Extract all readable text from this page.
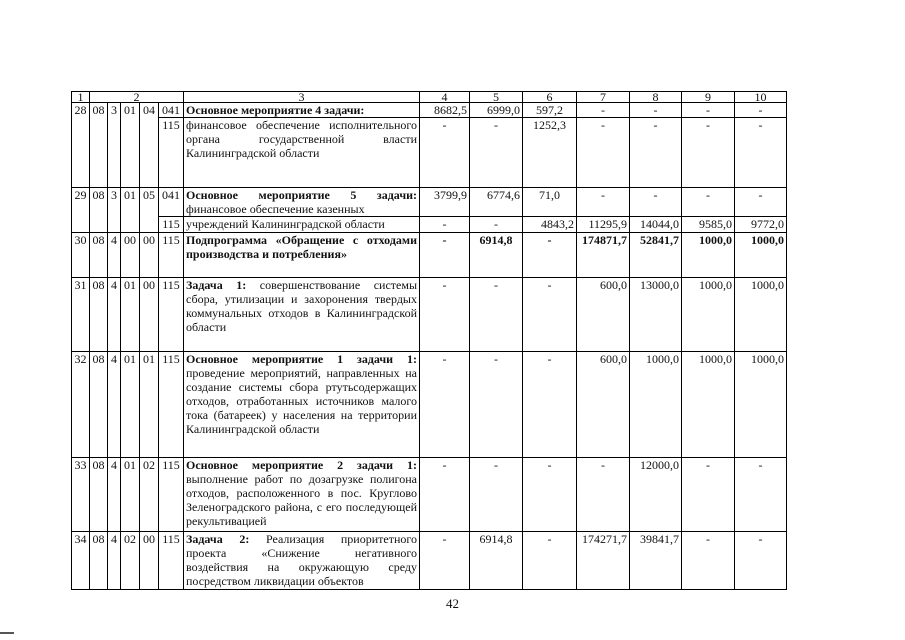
1	2					3	4	5	6	7	8	9	10
28	08	3	01	04	041	Основное мероприятие 4 задачи:	8682,5	6999,0	597,2	-	-	-	-
					115	финансовое обеспечение исполнительного органа государственной власти Калининградской области	-	-	1252,3	-	-	-	-
29	08	3	01	05	041	Основное мероприятие 5 задачи: финансовое обеспечение казенных	3799,9	6774,6	71,0	-	-	-	-
					115	учреждений Калининградской области	-	-	4843,2	11295,9	14044,0	9585,0	9772,0
30	08	4	00	00	115	Подпрограмма «Обращение с отходами производства и потребления»	-	6914,8	-	174871,7	52841,7	1000,0	1000,0
31	08	4	01	00	115	Задача 1: совершенствование системы сбора, утилизации и захоронения твердых коммунальных отходов в Калининградской области	-	-	-	600,0	13000,0	1000,0	1000,0
32	08	4	01	01	115	Основное мероприятие 1 задачи 1: проведение мероприятий, направленных на создание системы сбора ртутьсодержащих отходов, отработанных источников малого тока (батареек) у населения на территории Калининградской области	-	-	-	600,0	1000,0	1000,0	1000,0
33	08	4	01	02	115	Основное мероприятие 2 задачи 1: выполнение работ по дозагрузке полигона отходов, расположенного в пос. Круглово Зеленоградского района, с его последующей рекультивацией	-	-	-	-	12000,0	-	-
34	08	4	02	00	115	Задача 2: Реализация приоритетного проекта «Снижение негативного воздействия на окружающую среду посредством ликвидации объектов	-	6914,8	-	174271,7	39841,7	-	-
42
